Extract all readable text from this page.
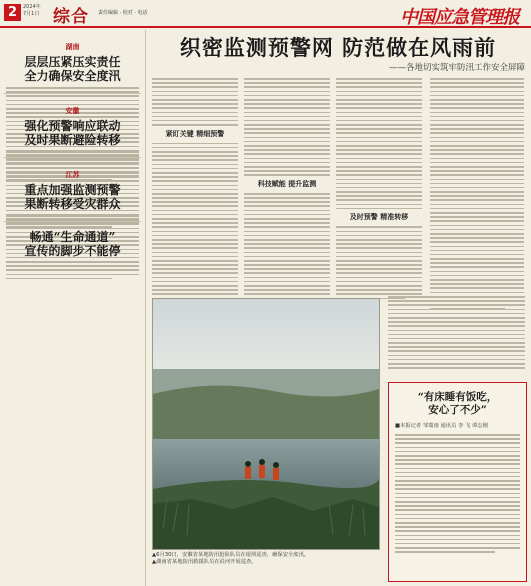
2	2024年
7月1日 综合 责任编辑 · 校对 · 电话	中国应急管理报
湖南
层层压紧压实责任
全力确保安全度汛
安徽
强化预警响应联动
及时果断避险转移
江苏
重点加强监测预警
果断转移受灾群众
畅通“生命通道”
宣传的脚步不能停
织密监测预警网 防范做在风雨前
——各地切实筑牢防汛工作安全屏障
紧盯关键 精细预警
科技赋能 提升监测
及时预警 精准转移
▲6月30日，安徽省某地防汛抢险队员在堤坝巡查，确保安全度汛。
▲湖南省某地防汛救援队员在沿河开展巡查。
“有床睡有饭吃，
安心了不少”
■本报记者 邹瑞雨 通讯员 李 飞 谭志刚
